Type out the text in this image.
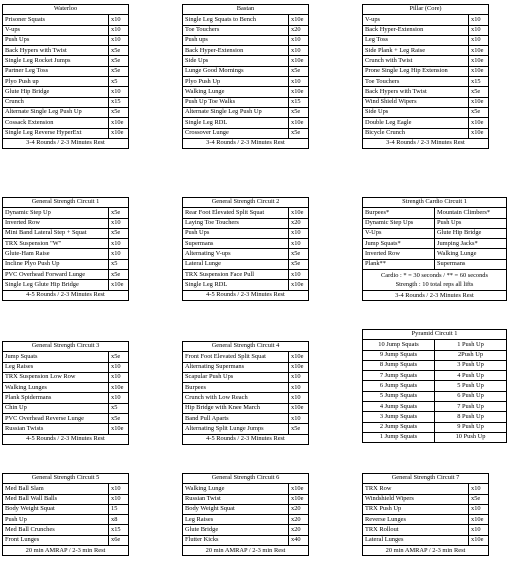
Waterloo	
Prisoner Squats	x10
V-ups	x10
Push Ups	x10
Back Hypers with Twist	x5e
Single Leg Rocket Jumps	x5e
Partner Leg Toss	x5e
Plyo Push up	x5
Glute Hip Bridge	x10
Crunch	x15
Alternate Single Leg Push Up	x5e
Cossack Extension	x10e
Single Leg Reverse HyperExt	x10e
3-4 Rounds / 2-3 Minutes Rest	
Bastan	
Single Leg Squats to Bench	x10e
Toe Touchers	x20
Push ups	x10
Back Hyper-Extension	x10
Side Ups	x10e
Lunge Good Mornings	x5e
Plyo Push Up	x10
Walking Lunge	x10e
Push Up Toe Walks	x15
Alternate Single Leg Push Up	x5e
Single Leg RDL	x10e
Crossover Lunge	x5e
3-4 Rounds / 2-3 Minutes Rest	
Pillar (Core)	
V-ups	x10
Back Hyper-Extension	x10
Leg Toss	x10
Side Plank + Leg Raise	x10e
Crunch with Twist	x10e
Prone Single Leg Hip Extension	x10e
Toe Touchers	x15
Back Hypers with Twist	x5e
Wind Shield Wipers	x10e
Side Ups	x5e
Double Leg Eagle	x10e
Bicycle Crunch	x10e
3-4 Rounds / 2-3 Minutes Rest	
General Strength Circuit 1	
Dynamic Step Up	x5e
Inverted Row	x10
Mini Band Lateral Step + Squat	x5e
TRX Suspension "W"	x10
Glute-Ham Raise	x10
Incline Plyo Push Up	x5
PVC Overhead Forward Lunge	x5e
Single Leg Glute Hip Bridge	x10e
4-5 Rounds / 2-3 Minutes Rest	
General Strength Circuit 2	
Rear Foot Elevated Split Squat	x10e
Laying Toe Touchers	x20
Push Ups	x10
Supermans	x10
Alternating V-ups	x5e
Lateral Lunge	x5e
TRX Suspension Face Pull	x10
Single Leg RDL	x10e
4-5 Rounds / 2-3 Minutes Rest	
General Strength Circuit 3	
Jump Squats	x5e
Leg Raises	x10
TRX Suspension Low Row	x10
Walking Lunges	x10e
Plank Spidermans	x10
Chin Up	x5
PVC Overhead Reverse Lunge	x5e
Russian Twists	x10e
4-5 Rounds / 2-3 Minutes Rest	
General Strength Circuit 4	
Front Foot Elevated Split Squat	x10e
Alternating Supermans	x10e
Scapular Push Ups	x10
Burpees	x10
Crunch with Low Reach	x10
Hip Bridge with Knee March	x10e
Band Pull Aparts	x10
Alternating Split Lunge Jumps	x5e
4-5 Rounds / 2-3 Minutes Rest	
General Strength Circuit 5	
Med Ball Slam	x10
Med Ball Wall Balls	x10
Body Weight Squat	15
Push Up	x8
Med Ball Crunches	x15
Front Lunges	x6e
20 min AMRAP / 2-3 min Rest	
General Strength Circuit 6	
Walking Lunge	x10e
Russian Twist	x10e
Body Weight Squat	x20
Leg Raises	x20
Glute Bridge	x20
Flutter Kicks	x40
20 min AMRAP / 2-3 min Rest	
General Strength Circuit 7	
TRX Row	x10
Windshield Wipers	x5e
TRX Push Up	x10
Reverse Lunges	x10e
TRX Rollout	x10
Lateral Lunges	x10e
20 min AMRAP / 2-3 min Rest	
Strength Cardio Circuit 1	
Burpees*	Mountain Climbers*
Dynamic Step Ups	Push Ups
V-Ups	Glute Hip Bridge
Jump Squats*	Jumping Jacks*
Inverted Row	Walking Lunge
Plank**	Supermans

Cardio : * = 30 seconds / ** = 60 seconds
Strength : 10 total reps all lifts	

3-4 Rounds / 2-3 Minutes Rest	
Pyramid Circuit 1	
10 Jump Squats	1 Push Up
9 Jump Squats	2Push Up
8 Jump Squats	3 Push Up
7 Jump Squats	4 Push Up
6 Jump Squats	5 Push Up
5 Jump Squats	6 Push Up
4 Jump Squats	7 Push Up
3 Jump Squats	8 Push Up
2 Jump Squats	9 Push Up
1 Jump Squats	10 Push Up
